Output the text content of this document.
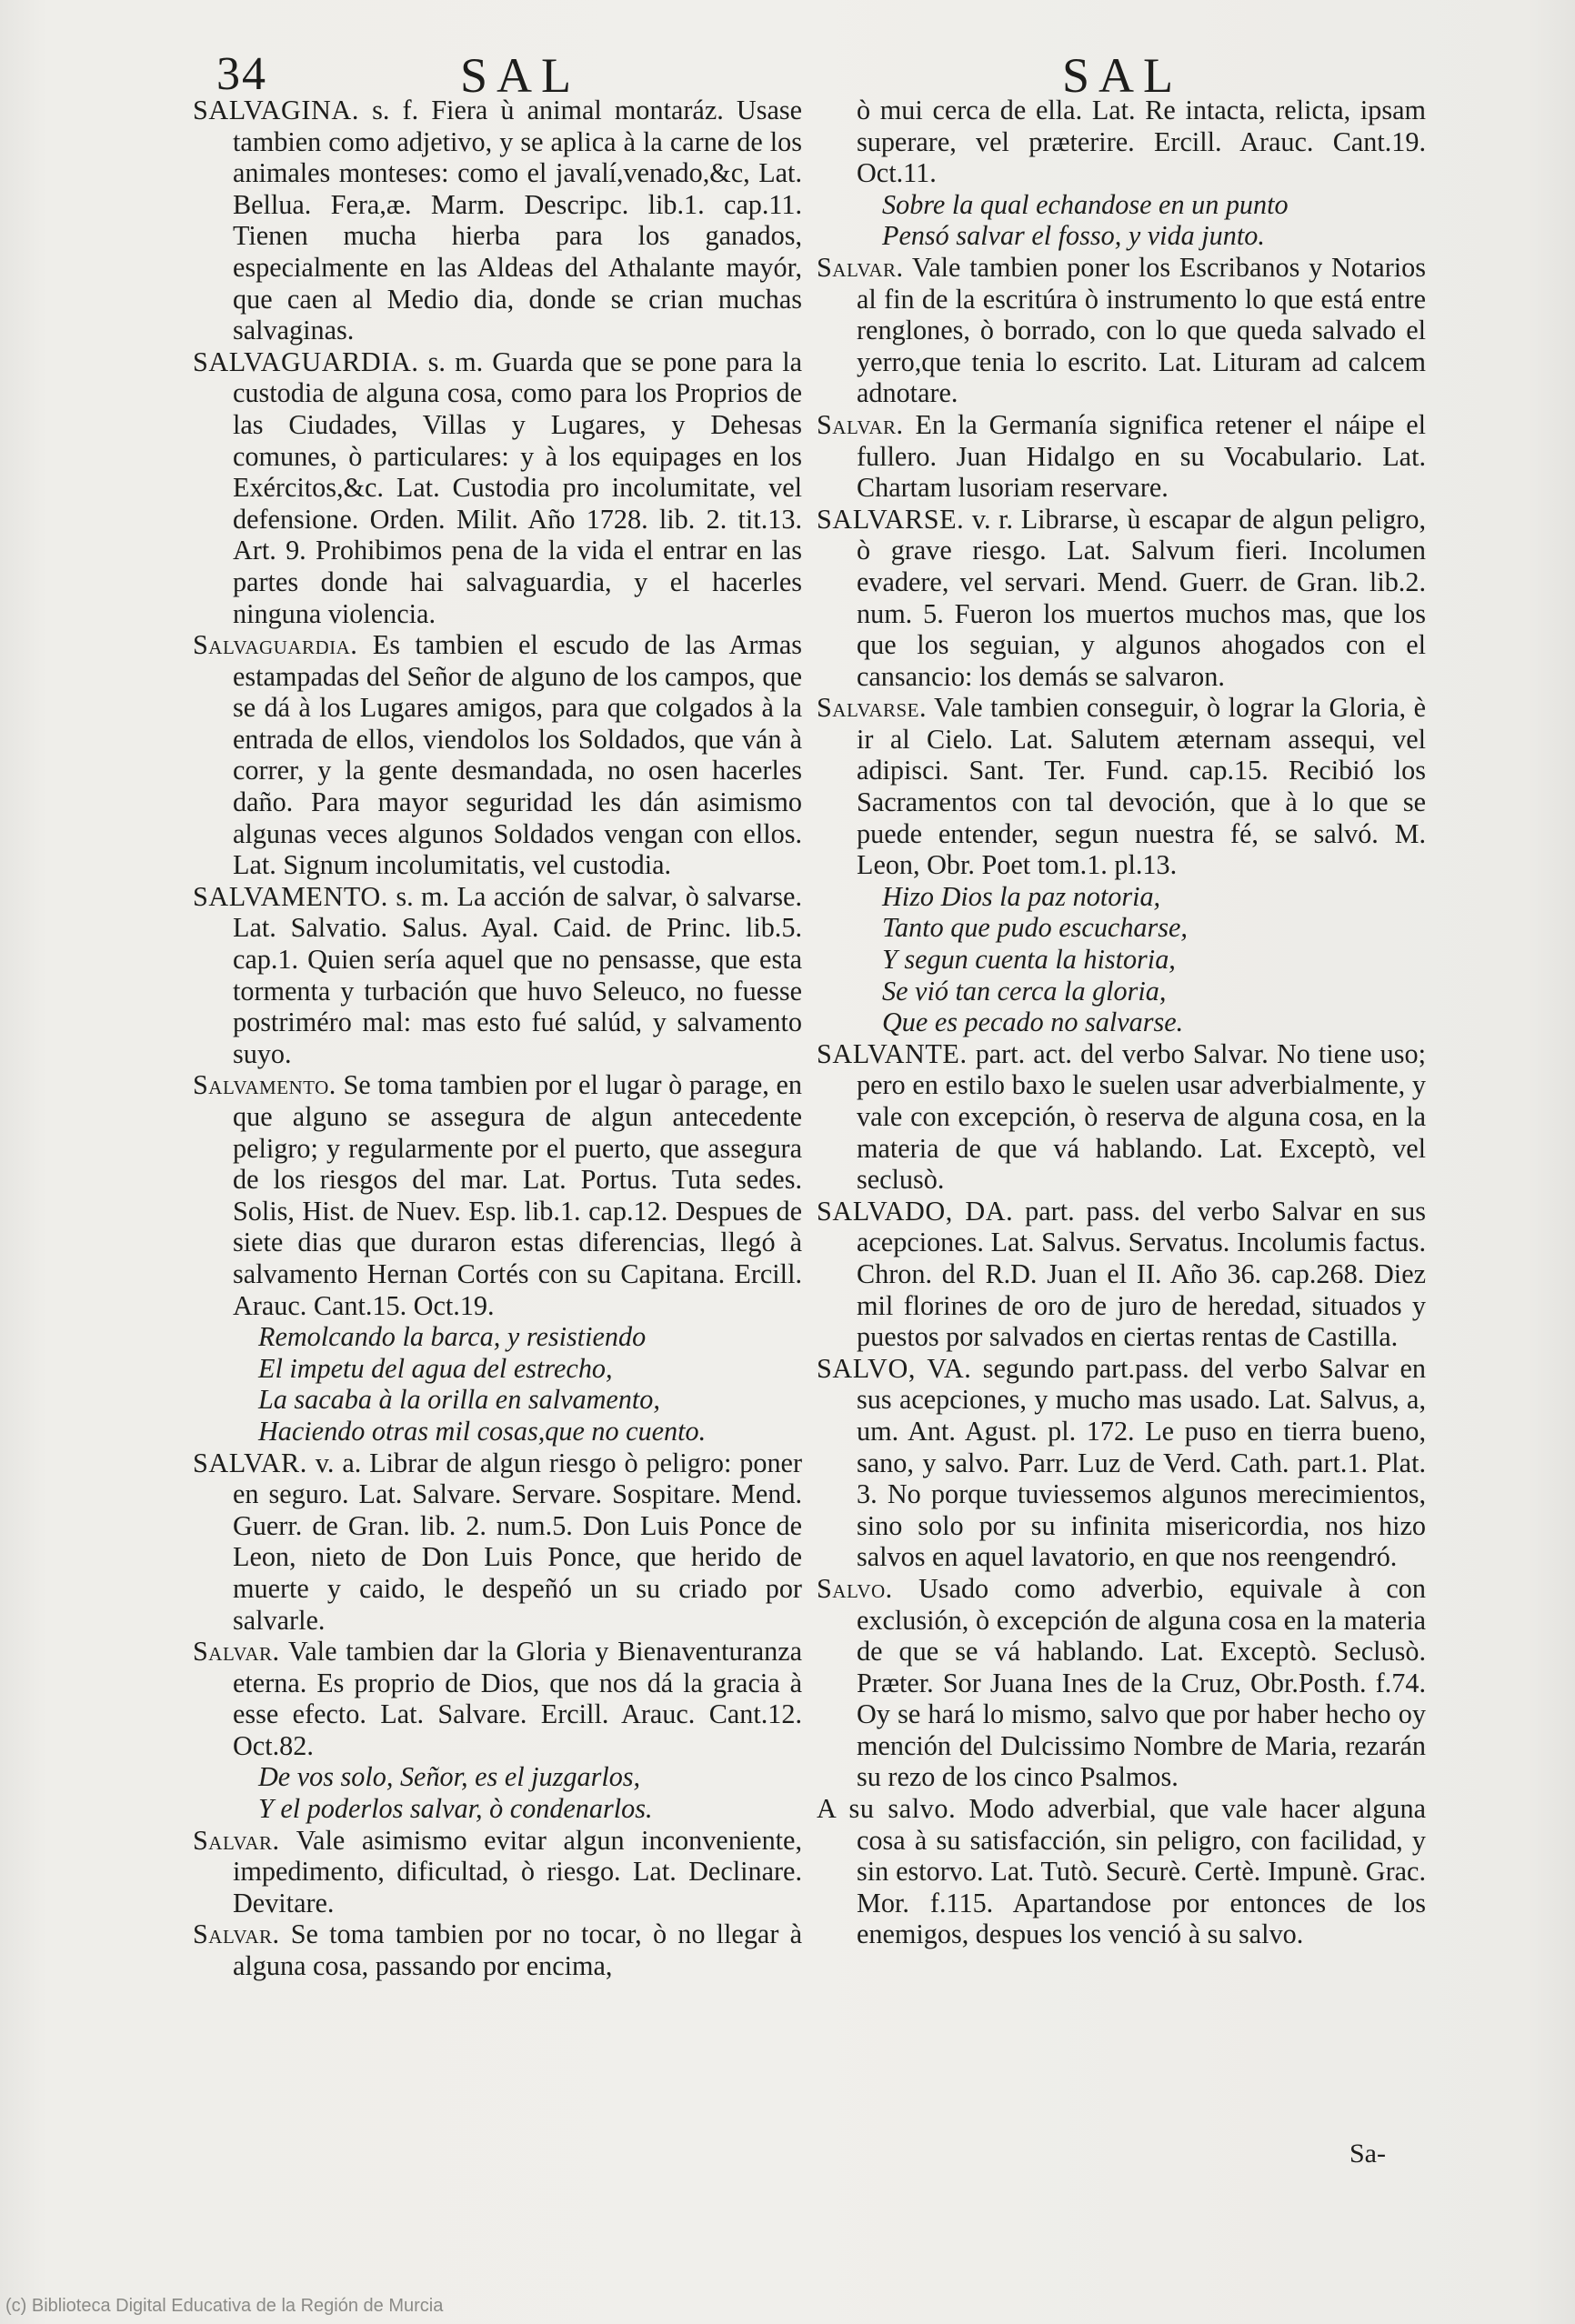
34	SAL	SAL
SALVAGINA. s. f. Fiera ù animal montaráz. Usase tambien como adjetivo, y se aplica à la carne de los animales monteses: como el javalí,venado,&c, Lat. Bellua. Fera,æ. Marm. Descripc. lib.1. cap.11. Tienen mucha hierba para los ganados, especialmente en las Aldeas del Athalante mayór, que caen al Medio dia, donde se crian muchas salvaginas.
SALVAGUARDIA. s. m. Guarda que se pone para la custodia de alguna cosa, como para los Proprios de las Ciudades, Villas y Lugares, y Dehesas comunes, ò particulares: y à los equipages en los Exércitos,&c. Lat. Custodia pro incolumitate, vel defensione. Orden. Milit. Año 1728. lib. 2. tit.13. Art. 9. Prohibimos pena de la vida el entrar en las partes donde hai salvaguardia, y el hacerles ninguna violencia.
Salvaguardia. Es tambien el escudo de las Armas estampadas del Señor de alguno de los campos, que se dá à los Lugares amigos, para que colgados à la entrada de ellos, viendolos los Soldados, que ván à correr, y la gente desmandada, no osen hacerles daño. Para mayor seguridad les dán asimismo algunas veces algunos Soldados vengan con ellos. Lat. Signum incolumitatis, vel custodia.
SALVAMENTO. s. m. La acción de salvar, ò salvarse. Lat. Salvatio. Salus. Ayal. Caid. de Princ. lib.5. cap.1. Quien sería aquel que no pensasse, que esta tormenta y turbación que huvo Seleuco, no fuesse postriméro mal: mas esto fué salúd, y salvamento suyo.
Salvamento. Se toma tambien por el lugar ò parage, en que alguno se assegura de algun antecedente peligro; y regularmente por el puerto, que assegura de los riesgos del mar. Lat. Portus. Tuta sedes. Solis, Hist. de Nuev. Esp. lib.1. cap.12. Despues de siete dias que duraron estas diferencias, llegó à salvamento Hernan Cortés con su Capitana. Ercill. Arauc. Cant.15. Oct.19.
Remolcando la barca, y resistiendo
El impetu del agua del estrecho,
La sacaba à la orilla en salvamento,
Haciendo otras mil cosas,que no cuento.
SALVAR. v. a. Librar de algun riesgo ò peligro: poner en seguro. Lat. Salvare. Servare. Sospitare. Mend. Guerr. de Gran. lib. 2. num.5. Don Luis Ponce de Leon, nieto de Don Luis Ponce, que herido de muerte y caido, le despeñó un su criado por salvarle.
Salvar. Vale tambien dar la Gloria y Bienaventuranza eterna. Es proprio de Dios, que nos dá la gracia à esse efecto. Lat. Salvare. Ercill. Arauc. Cant.12. Oct.82.
De vos solo, Señor, es el juzgarlos,
Y el poderlos salvar, ò condenarlos.
Salvar. Vale asimismo evitar algun inconveniente, impedimento, dificultad, ò riesgo. Lat. Declinare. Devitare.
Salvar. Se toma tambien por no tocar, ò no llegar à alguna cosa, passando por encima,
ò mui cerca de ella. Lat. Re intacta, relicta, ipsam superare, vel præterire. Ercill. Arauc. Cant.19. Oct.11.
Sobre la qual echandose en un punto
Pensó salvar el fosso, y vida junto.
Salvar. Vale tambien poner los Escribanos y Notarios al fin de la escritúra ò instrumento lo que está entre renglones, ò borrado, con lo que queda salvado el yerro,que tenia lo escrito. Lat. Lituram ad calcem adnotare.
Salvar. En la Germanía significa retener el náipe el fullero. Juan Hidalgo en su Vocabulario. Lat. Chartam lusoriam reservare.
SALVARSE. v. r. Librarse, ù escapar de algun peligro, ò grave riesgo. Lat. Salvum fieri. Incolumen evadere, vel servari. Mend. Guerr. de Gran. lib.2. num. 5. Fueron los muertos muchos mas, que los que los seguian, y algunos ahogados con el cansancio: los demás se salvaron.
Salvarse. Vale tambien conseguir, ò lograr la Gloria, è ir al Cielo. Lat. Salutem æternam assequi, vel adipisci. Sant. Ter. Fund. cap.15. Recibió los Sacramentos con tal devoción, que à lo que se puede entender, segun nuestra fé, se salvó. M. Leon, Obr. Poet tom.1. pl.13.
Hizo Dios la paz notoria,
Tanto que pudo escucharse,
Y segun cuenta la historia,
Se vió tan cerca la gloria,
Que es pecado no salvarse.
SALVANTE. part. act. del verbo Salvar. No tiene uso; pero en estilo baxo le suelen usar adverbialmente, y vale con excepción, ò reserva de alguna cosa, en la materia de que vá hablando. Lat. Exceptò, vel seclusò.
SALVADO, DA. part. pass. del verbo Salvar en sus acepciones. Lat. Salvus. Servatus. Incolumis factus. Chron. del R.D. Juan el II. Año 36. cap.268. Diez mil florines de oro de juro de heredad, situados y puestos por salvados en ciertas rentas de Castilla.
SALVO, VA. segundo part.pass. del verbo Salvar en sus acepciones, y mucho mas usado. Lat. Salvus, a, um. Ant. Agust. pl. 172. Le puso en tierra bueno, sano, y salvo. Parr. Luz de Verd. Cath. part.1. Plat. 3. No porque tuviessemos algunos merecimientos, sino solo por su infinita misericordia, nos hizo salvos en aquel lavatorio, en que nos reengendró.
Salvo. Usado como adverbio, equivale à con exclusión, ò excepción de alguna cosa en la materia de que se vá hablando. Lat. Exceptò. Seclusò. Præter. Sor Juana Ines de la Cruz, Obr.Posth. f.74. Oy se hará lo mismo, salvo que por haber hecho oy mención del Dulcissimo Nombre de Maria, rezarán su rezo de los cinco Psalmos.
A su salvo. Modo adverbial, que vale hacer alguna cosa à su satisfacción, sin peligro, con facilidad, y sin estorvo. Lat. Tutò. Securè. Certè. Impunè. Grac. Mor. f.115. Apartandose por entonces de los enemigos, despues los venció à su salvo.
Sa-
(c) Biblioteca Digital Educativa de la Región de Murcia
